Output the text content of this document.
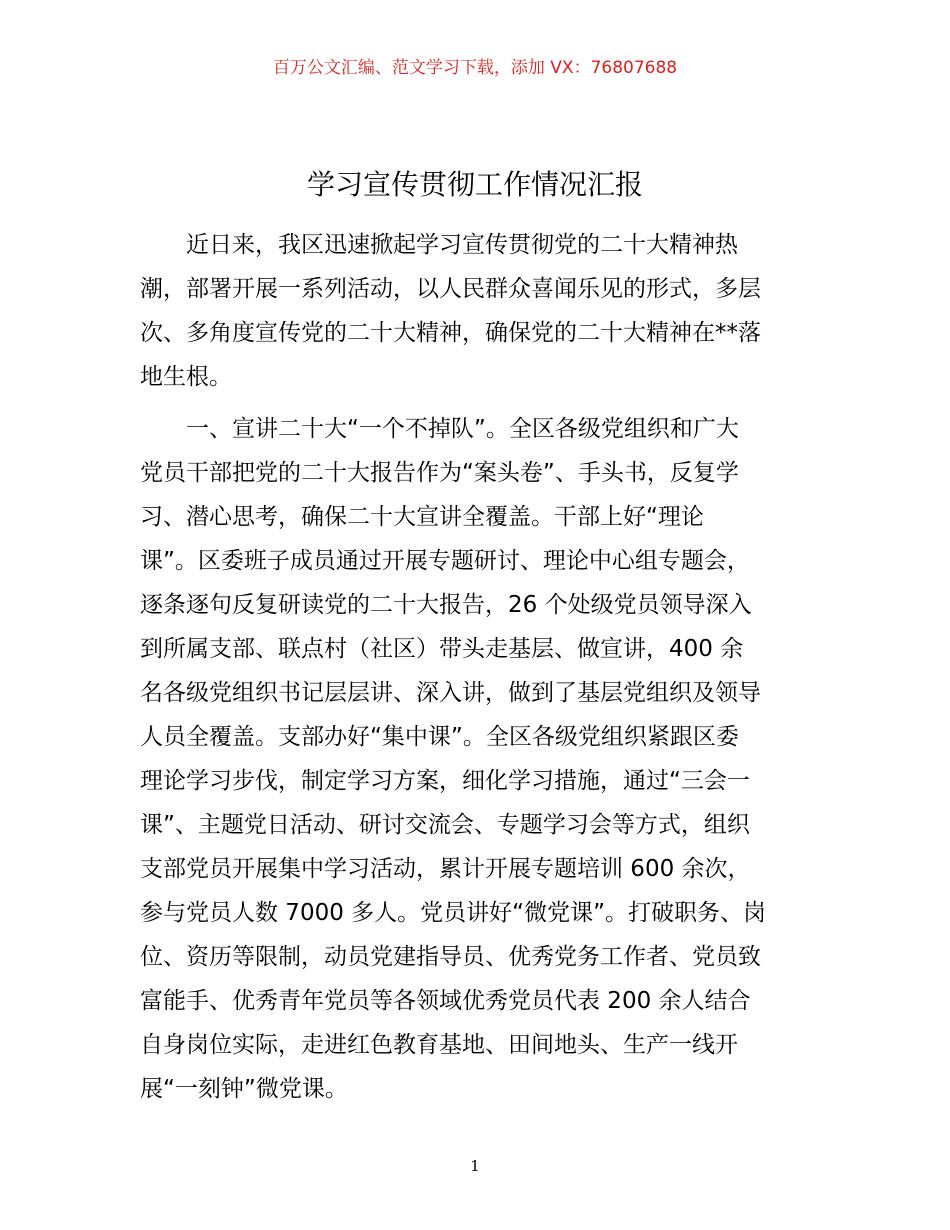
百万公文汇编、范文学习下载，添加 VX：76807688
学习宣传贯彻工作情况汇报
　　近日来，我区迅速掀起学习宣传贯彻党的二十大精神热
潮，部署开展一系列活动，以人民群众喜闻乐见的形式，多层
次、多角度宣传党的二十大精神，确保党的二十大精神在**落
地生根。
　　一、宣讲二十大“一个不掉队”。全区各级党组织和广大
党员干部把党的二十大报告作为“案头卷”、手头书，反复学
习、潜心思考，确保二十大宣讲全覆盖。干部上好“理论
课”。区委班子成员通过开展专题研讨、理论中心组专题会，
逐条逐句反复研读党的二十大报告，26 个处级党员领导深入
到所属支部、联点村（社区）带头走基层、做宣讲，400 余
名各级党组织书记层层讲、深入讲，做到了基层党组织及领导
人员全覆盖。支部办好“集中课”。全区各级党组织紧跟区委
理论学习步伐，制定学习方案，细化学习措施，通过“三会一
课”、主题党日活动、研讨交流会、专题学习会等方式，组织
支部党员开展集中学习活动，累计开展专题培训 600 余次，
参与党员人数 7000 多人。党员讲好“微党课”。打破职务、岗
位、资历等限制，动员党建指导员、优秀党务工作者、党员致
富能手、优秀青年党员等各领域优秀党员代表 200 余人结合
自身岗位实际，走进红色教育基地、田间地头、生产一线开
展“一刻钟”微党课。
1
